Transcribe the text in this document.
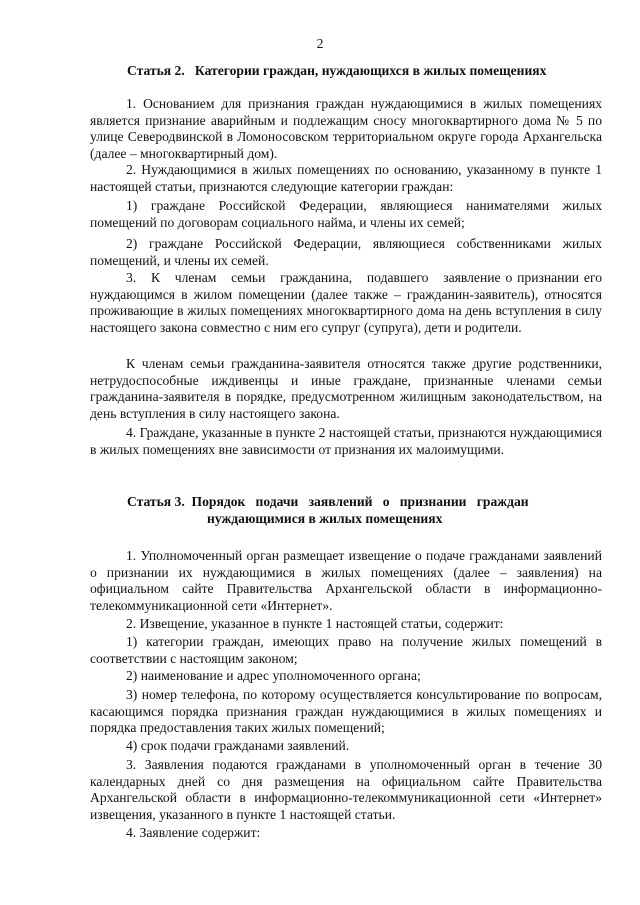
2
Статья 2.   Категории граждан, нуждающихся в жилых помещениях
1. Основанием для признания граждан нуждающимися в жилых помещениях является признание аварийным и подлежащим сносу многоквартирного дома № 5 по улице Северодвинской в Ломоносовском территориальном округе города Архангельска (далее – многоквартирный дом).
2. Нуждающимися в жилых помещениях по основанию, указанному в пункте 1 настоящей статьи, признаются следующие категории граждан:
1) граждане Российской Федерации, являющиеся нанимателями жилых помещений по договорам социального найма, и члены их семей;
2) граждане Российской Федерации, являющиеся собственниками жилых помещений, и члены их семей.
3.   К   членам   семьи   гражданина,   подавшего   заявление о признании его нуждающимся в жилом помещении (далее также – гражданин-заявитель), относятся проживающие в жилых помещениях многоквартирного дома на день вступления в силу настоящего закона совместно с ним его супруг (супруга), дети и родители.
К членам семьи гражданина-заявителя относятся также другие родственники, нетрудоспособные иждивенцы и иные граждане, признанные членами семьи гражданина-заявителя в порядке, предусмотренном жилищным законодательством, на день вступления в силу настоящего закона.
4. Граждане, указанные в пункте 2 настоящей статьи, признаются нуждающимися в жилых помещениях вне зависимости от признания их малоимущими.
Статья 3.  Порядок   подачи   заявлений   о   признании   граждан
нуждающимися в жилых помещениях
1. Уполномоченный орган размещает извещение о подаче гражданами заявлений о признании их нуждающимися в жилых помещениях (далее – заявления) на официальном сайте Правительства Архангельской области в информационно-телекоммуникационной сети «Интернет».
2. Извещение, указанное в пункте 1 настоящей статьи, содержит:
1) категории граждан, имеющих право на получение жилых помещений в соответствии с настоящим законом;
2) наименование и адрес уполномоченного органа;
3) номер телефона, по которому осуществляется консультирование по вопросам, касающимся порядка признания граждан нуждающимися в жилых помещениях и порядка предоставления таких жилых помещений;
4) срок подачи гражданами заявлений.
3. Заявления подаются гражданами в уполномоченный орган в течение 30 календарных дней со дня размещения на официальном сайте Правительства Архангельской области в информационно-телекоммуникационной сети «Интернет» извещения, указанного в пункте 1 настоящей статьи.
4. Заявление содержит:
